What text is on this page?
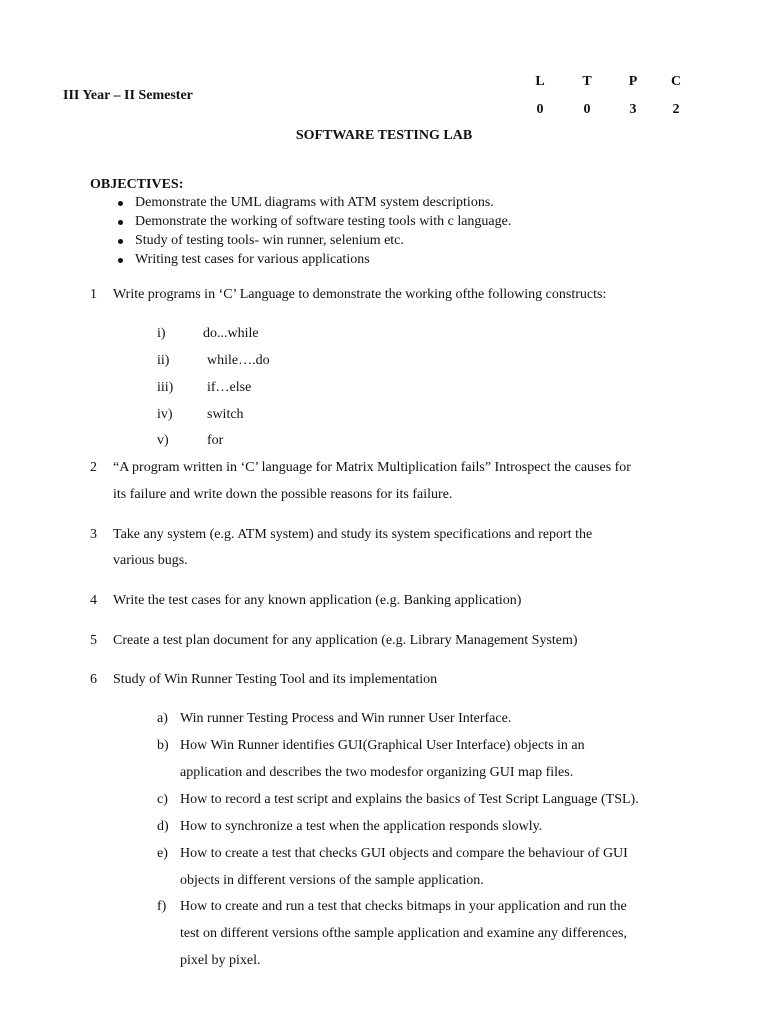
III Year – II Semester
L	T	P	C
0	0	3	2
SOFTWARE TESTING LAB
OBJECTIVES:
Demonstrate the UML diagrams with ATM system descriptions.
Demonstrate the working of software testing tools with c language.
Study of testing tools- win runner, selenium etc.
Writing test cases for various applications
1 Write programs in ‘C’ Language to demonstrate the working ofthe following constructs:
i)	do...while
ii)	while….do
iii) if…else
iv) switch
v)	for
2 “A program written in ‘C’ language for Matrix Multiplication fails” Introspect the causes for
its failure and write down the possible reasons for its failure.
3 Take any system (e.g. ATM system) and study its system specifications and report the
various bugs.
4 Write the test cases for any known application (e.g. Banking application)
5 Create a test plan document for any application (e.g. Library Management System)
6 Study of Win Runner Testing Tool and its implementation
a) Win runner Testing Process and Win runner User Interface.
b) How Win Runner identifies GUI(Graphical User Interface) objects in an
application and describes the two modesfor organizing GUI map files.
c) How to record a test script and explains the basics of Test Script Language (TSL).
d) How to synchronize a test when the application responds slowly.
e) How to create a test that checks GUI objects and compare the behaviour of GUI
objects in different versions of the sample application.
f) How to create and run a test that checks bitmaps in your application and run the
test on different versions ofthe sample application and examine any differences,
pixel by pixel.
